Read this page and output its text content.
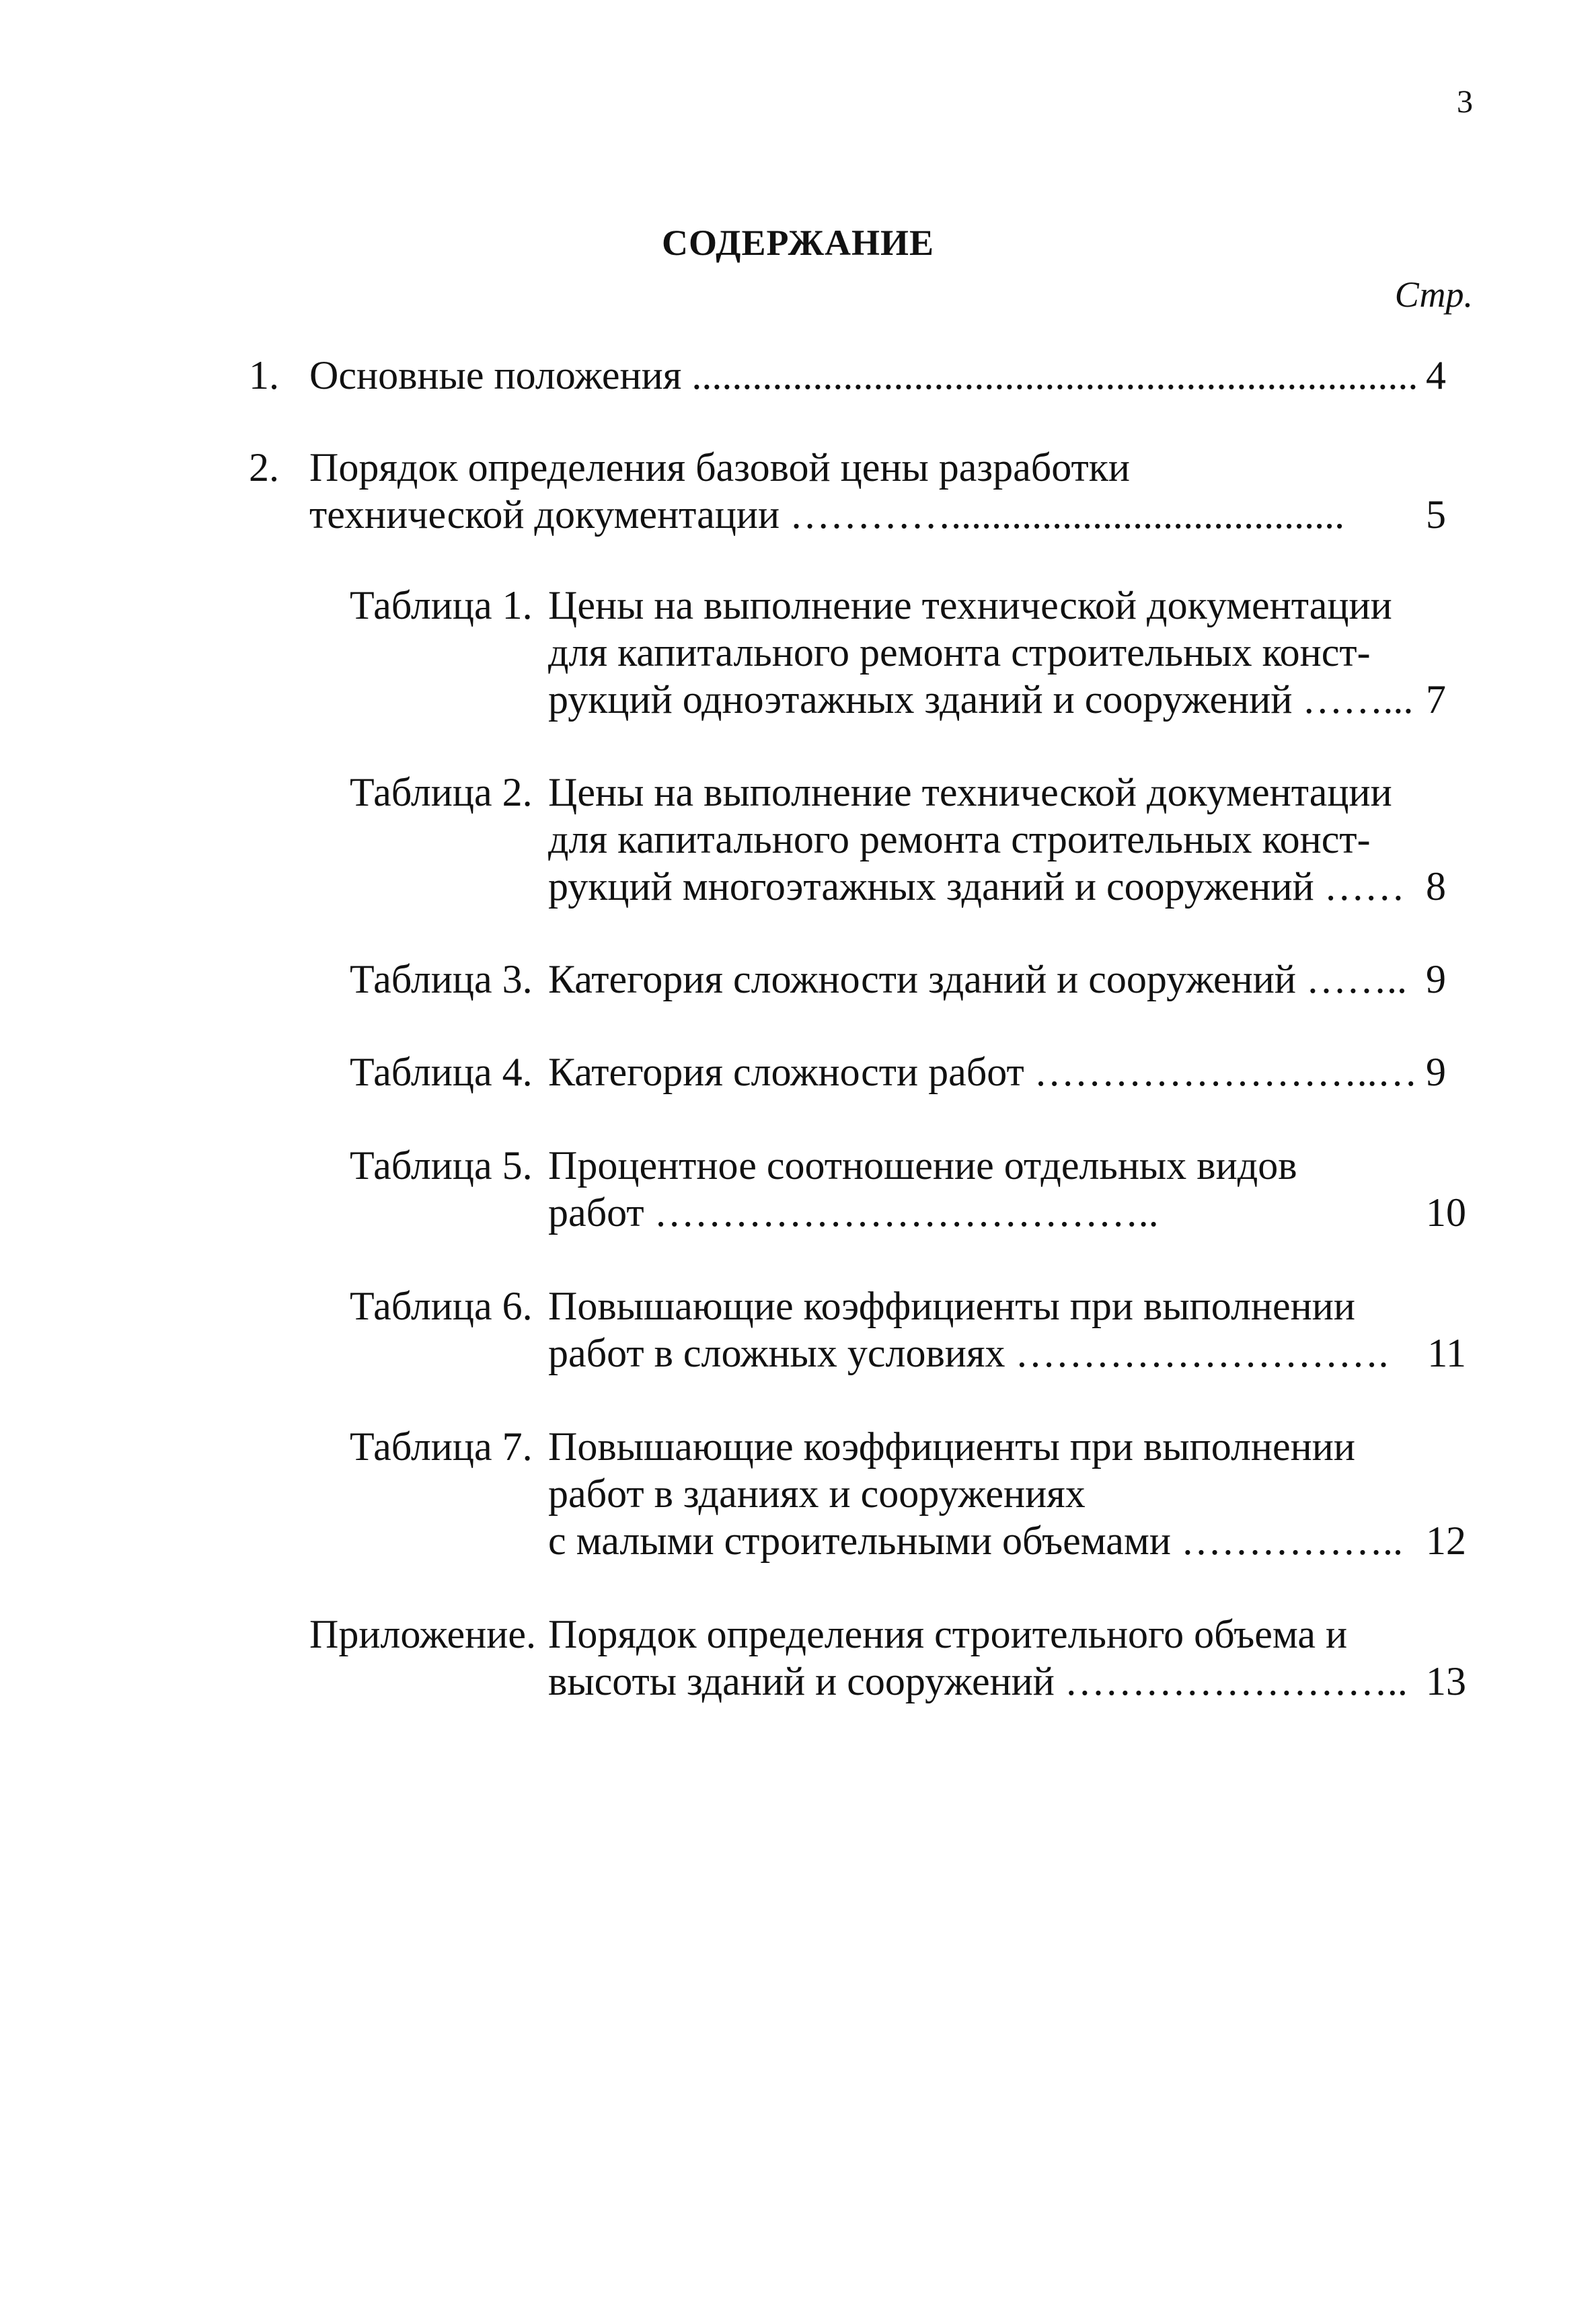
3
СОДЕРЖАНИЕ
Стр.
1. Основные положения ........................................................................ 4
2. Порядок определения базовой цены разработки
технической документации ………….......................................	5
Таблица 1. Цены на выполнение технической документации
для капитального ремонта строительных конст-
рукций одноэтажных зданий и сооружений ……... 7
Таблица 2. Цены на выполнение технической документации
для капитального ремонта строительных конст-
рукций многоэтажных зданий и сооружений …… 8
Таблица 3. Категория сложности зданий и сооружений …….. 9
Таблица 4. Категория сложности работ ……………………..… 9
Таблица 5. Процентное соотношение отдельных видов
работ ………………………………..	10
Таблица 6. Повышающие коэффициенты при выполнении
работ в сложных условиях ………………………. 11
Таблица 7. Повышающие коэффициенты при выполнении
работ в зданиях и сооружениях
с малыми строительными объемами …………….. 12
Приложение. Порядок определения строительного объема и
высоты зданий и сооружений …………………….. 13
